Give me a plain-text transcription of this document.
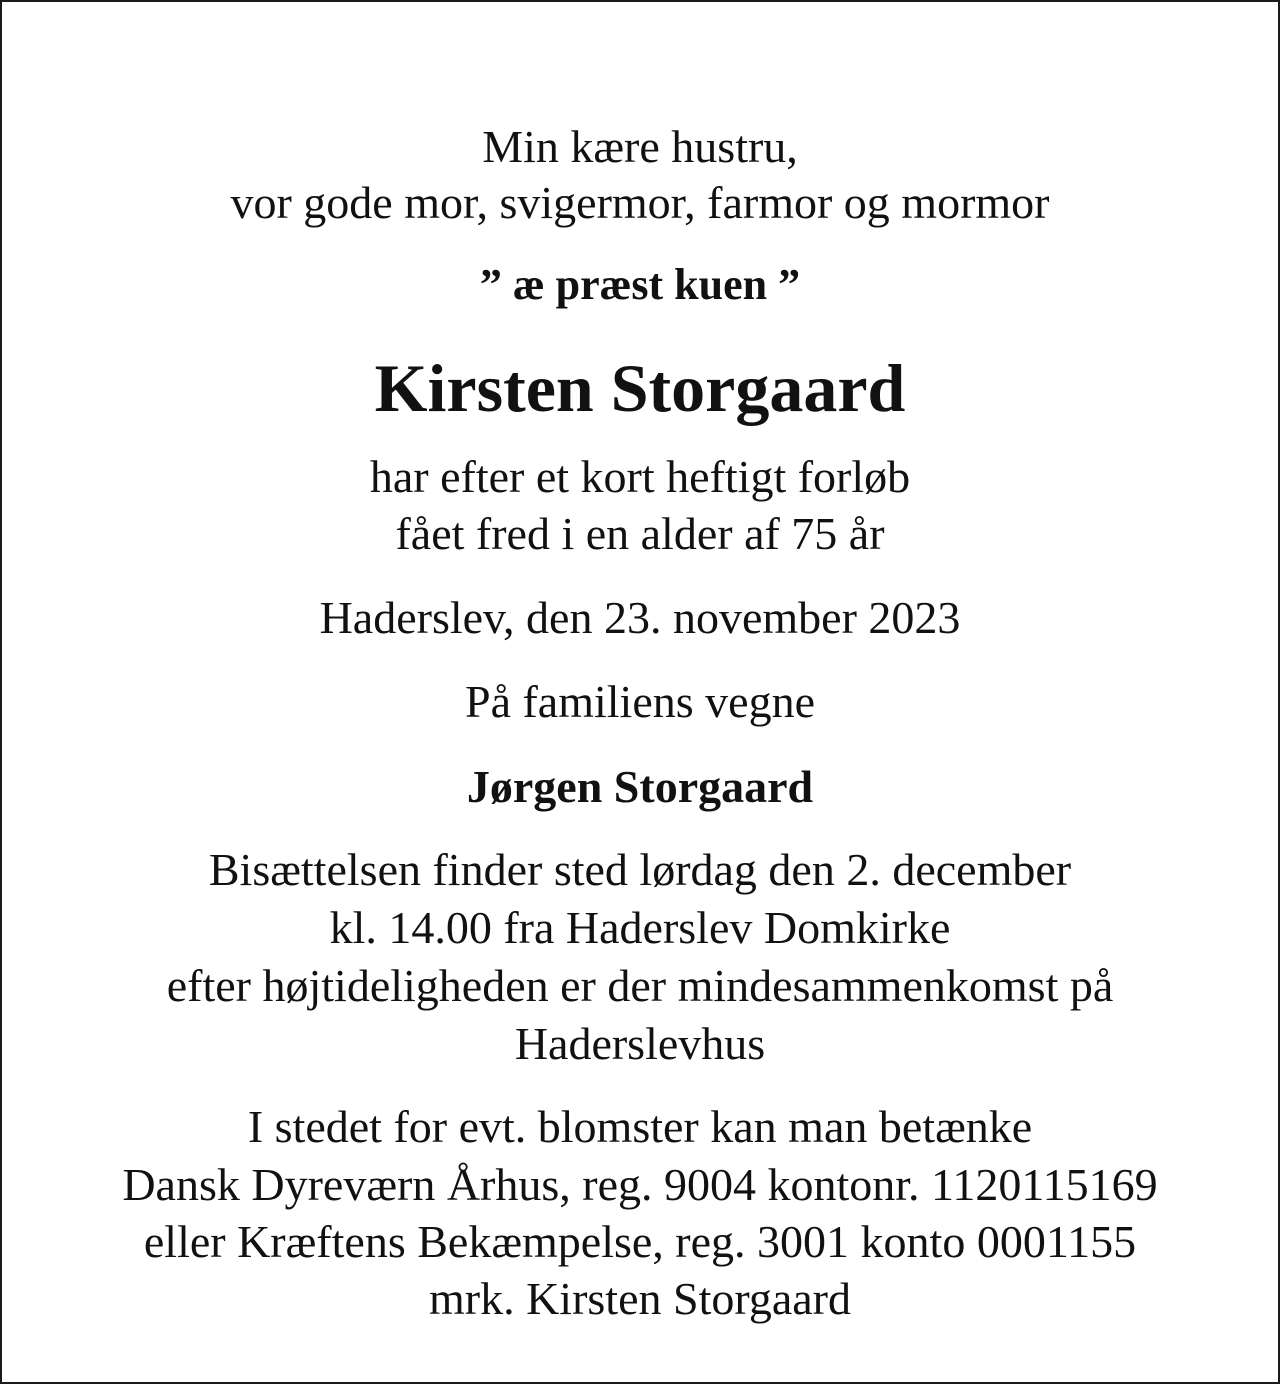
Min kære hustru,
vor gode mor, svigermor, farmor og mormor
” æ præst kuen ”
Kirsten Storgaard
har efter et kort heftigt forløb
fået fred i en alder af 75 år
Haderslev, den 23. november 2023
På familiens vegne
Jørgen Storgaard
Bisættelsen finder sted lørdag den 2. december
kl. 14.00 fra Haderslev Domkirke
efter højtideligheden er der mindesammenkomst på
Haderslevhus
I stedet for evt. blomster kan man betænke
Dansk Dyreværn Århus, reg. 9004 kontonr. 1120115169
eller Kræftens Bekæmpelse, reg. 3001 konto 0001155
mrk. Kirsten Storgaard
